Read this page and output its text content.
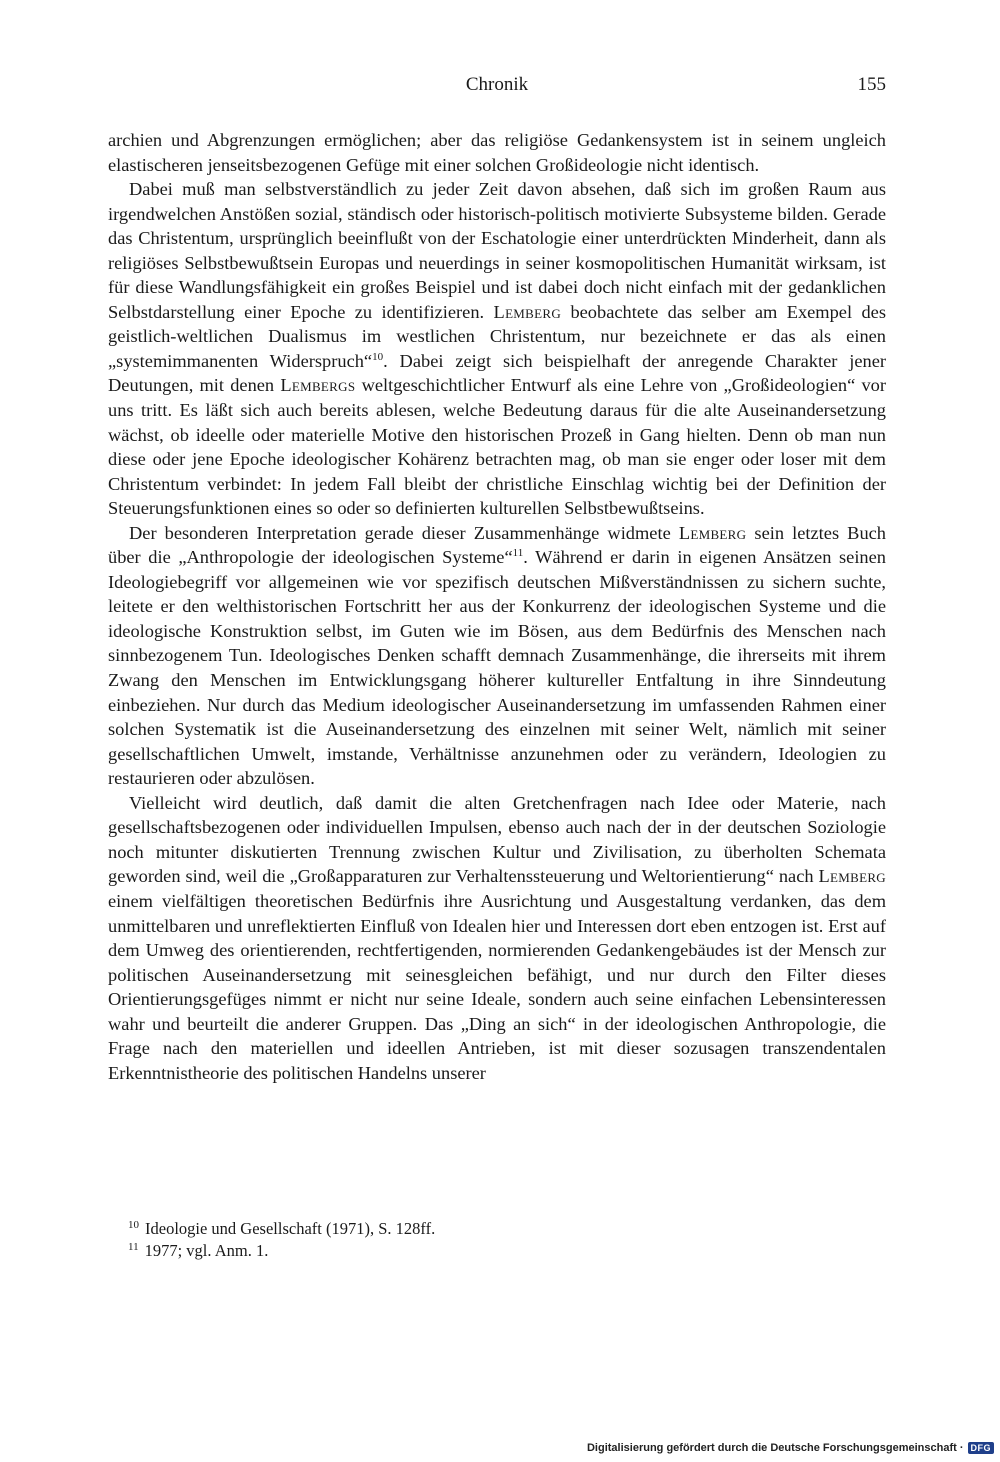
Chronik	155

archien und Abgrenzungen ermöglichen; aber das religiöse Gedankensystem ist in seinem ungleich elastischeren jenseitsbezogenen Gefüge mit einer solchen Großideologie nicht identisch.

Dabei muß man selbstverständlich zu jeder Zeit davon absehen, daß sich im großen Raum aus irgendwelchen Anstößen sozial, ständisch oder historisch-politisch motivierte Subsysteme bilden. Gerade das Christentum, ursprünglich beeinflußt von der Eschatologie einer unterdrückten Minderheit, dann als religiöses Selbstbewußtsein Europas und neuerdings in seiner kosmopolitischen Humanität wirksam, ist für diese Wandlungsfähigkeit ein großes Beispiel und ist dabei doch nicht einfach mit der gedanklichen Selbstdarstellung einer Epoche zu identifizieren. Lemberg beobachtete das selber am Exempel des geistlich-weltlichen Dualismus im westlichen Christentum, nur bezeichnete er das als einen „systemimmanenten Widerspruch“$^{10}$. Dabei zeigt sich beispielhaft der anregende Charakter jener Deutungen, mit denen Lembergs weltgeschichtlicher Entwurf als eine Lehre von „Großideologien“ vor uns tritt. Es läßt sich auch bereits ablesen, welche Bedeutung daraus für die alte Auseinandersetzung wächst, ob ideelle oder materielle Motive den historischen Prozeß in Gang hielten. Denn ob man nun diese oder jene Epoche ideologischer Kohärenz betrachten mag, ob man sie enger oder loser mit dem Christentum verbindet: In jedem Fall bleibt der christliche Einschlag wichtig bei der Definition der Steuerungsfunktionen eines so oder so definierten kulturellen Selbstbewußtseins.

Der besonderen Interpretation gerade dieser Zusammenhänge widmete Lemberg sein letztes Buch über die „Anthropologie der ideologischen Systeme“$^{11}$. Während er darin in eigenen Ansätzen seinen Ideologiebegriff vor allgemeinen wie vor spezifisch deutschen Mißverständnissen zu sichern suchte, leitete er den welthistorischen Fortschritt her aus der Konkurrenz der ideologischen Systeme und die ideologische Konstruktion selbst, im Guten wie im Bösen, aus dem Bedürfnis des Menschen nach sinnbezogenem Tun. Ideologisches Denken schafft demnach Zusammenhänge, die ihrerseits mit ihrem Zwang den Menschen im Entwicklungsgang höherer kultureller Entfaltung in ihre Sinndeutung einbeziehen. Nur durch das Medium ideologischer Auseinandersetzung im umfassenden Rahmen einer solchen Systematik ist die Auseinandersetzung des einzelnen mit seiner Welt, nämlich mit seiner gesellschaftlichen Umwelt, imstande, Verhältnisse anzunehmen oder zu verändern, Ideologien zu restaurieren oder abzulösen.

Vielleicht wird deutlich, daß damit die alten Gretchenfragen nach Idee oder Materie, nach gesellschaftsbezogenen oder individuellen Impulsen, ebenso auch nach der in der deutschen Soziologie noch mitunter diskutierten Trennung zwischen Kultur und Zivilisation, zu überholten Schemata geworden sind, weil die „Großapparaturen zur Verhaltenssteuerung und Weltorientierung“ nach Lemberg einem vielfältigen theoretischen Bedürfnis ihre Ausrichtung und Ausgestaltung verdanken, das dem unmittelbaren und unreflektierten Einfluß von Idealen hier und Interessen dort eben entzogen ist. Erst auf dem Umweg des orientierenden, rechtfertigenden, normierenden Gedankengebäudes ist der Mensch zur politischen Auseinandersetzung mit seinesgleichen befähigt, und nur durch den Filter dieses Orientierungsgefüges nimmt er nicht nur seine Ideale, sondern auch seine einfachen Lebensinteressen wahr und beurteilt die anderer Gruppen. Das „Ding an sich“ in der ideologischen Anthropologie, die Frage nach den materiellen und ideellen Antrieben, ist mit dieser sozusagen transzendentalen Erkenntnistheorie des politischen Handelns unserer

$^{10}$ Ideologie und Gesellschaft (1971), S. 128ff.
$^{11}$ 1977; vgl. Anm. 1.
Digitalisierung gefördert durch die Deutsche Forschungsgemeinschaft · DFG
